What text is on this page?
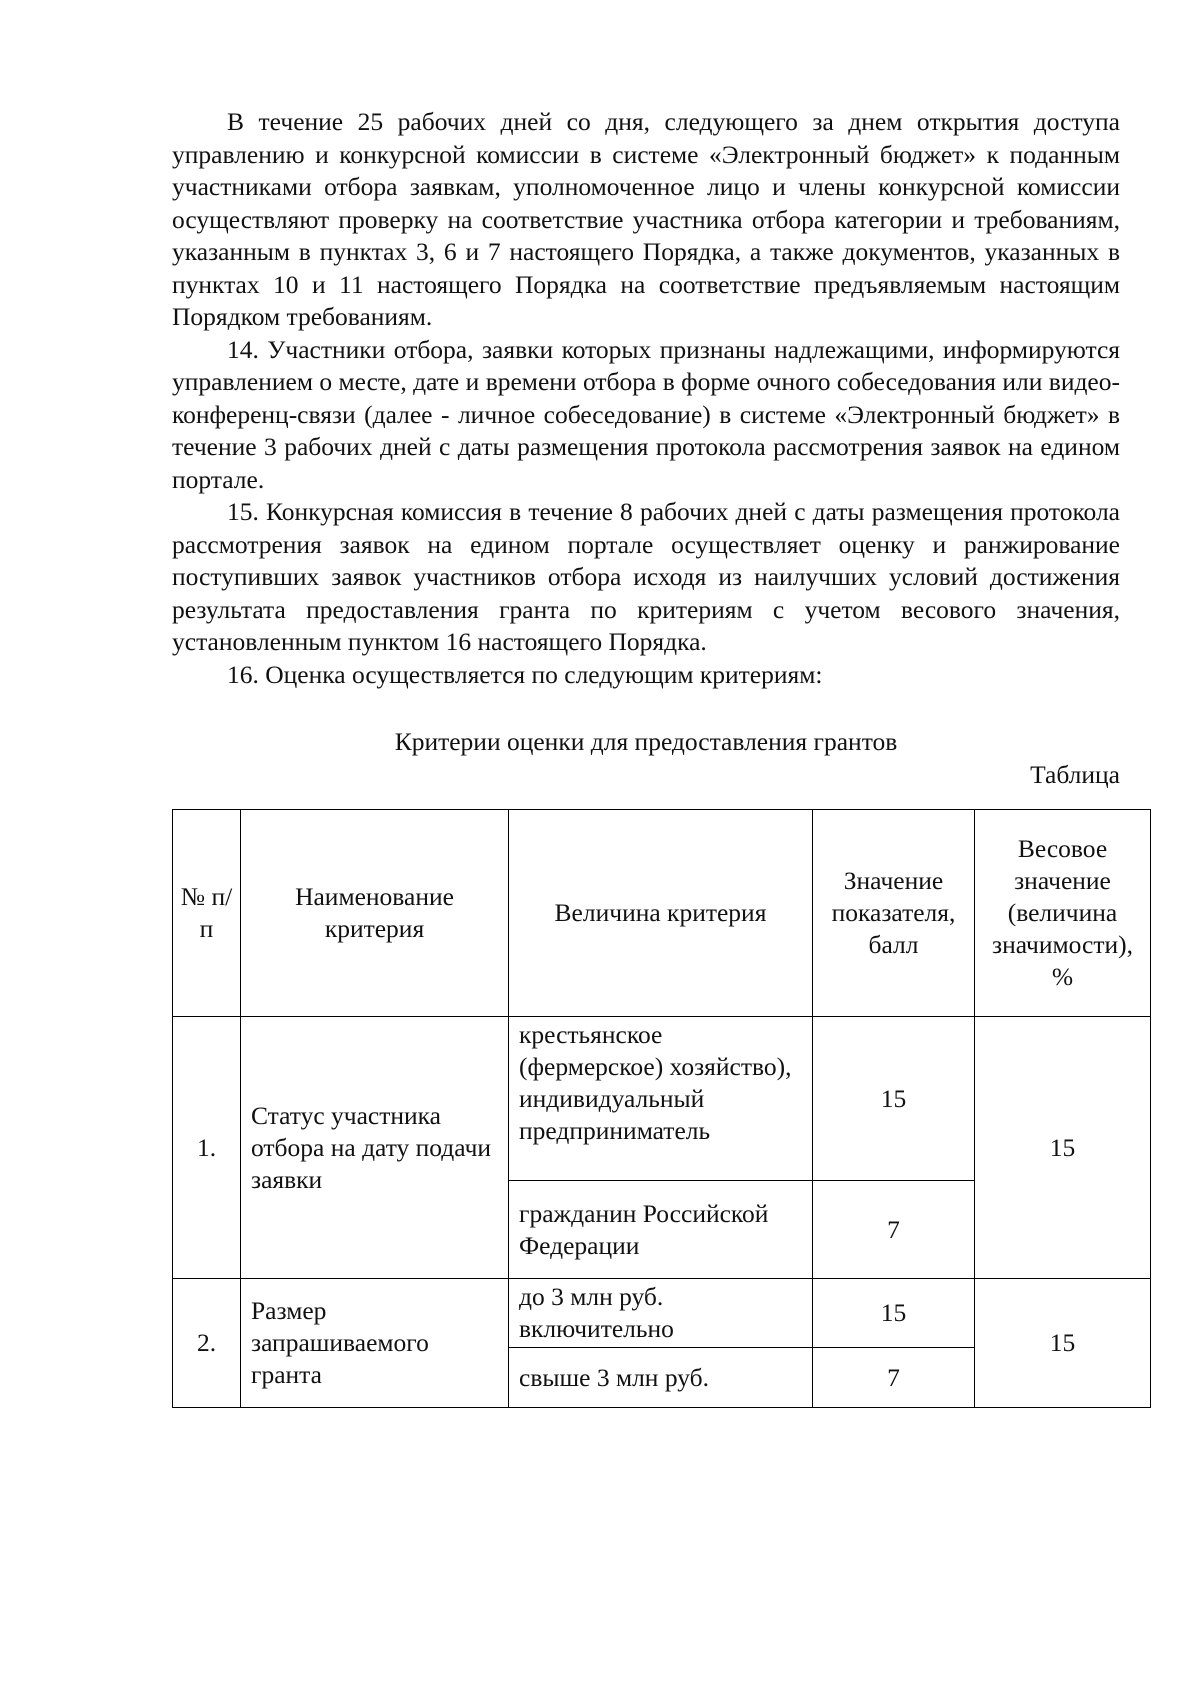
В течение 25 рабочих дней со дня, следующего за днем открытия доступа управлению и конкурсной комиссии в системе «Электронный бюджет» к поданным участниками отбора заявкам, уполномоченное лицо и члены конкурсной комиссии осуществляют проверку на соответствие участника отбора категории и требованиям, указанным в пунктах 3, 6 и 7 настоящего Порядка, а также документов, указанных в пунктах 10 и 11 настоящего Порядка на соответствие предъявляемым настоящим Порядком требованиям.

14. Участники отбора, заявки которых признаны надлежащими, информируются управлением о месте, дате и времени отбора в форме очного собеседования или видео-конференц-связи (далее - личное собеседование) в системе «Электронный бюджет» в течение 3 рабочих дней с даты размещения протокола рассмотрения заявок на едином портале.

15. Конкурсная комиссия в течение 8 рабочих дней с даты размещения протокола рассмотрения заявок на едином портале осуществляет оценку и ранжирование поступивших заявок участников отбора исходя из наилучших условий достижения результата предоставления гранта по критериям с учетом весового значения, установленным пунктом 16 настоящего Порядка.

16. Оценка осуществляется по следующим критериям:

Критерии оценки для предоставления грантов
Таблица
№ п/п	Наименование критерия	Величина критерия	Значение показателя, балл	Весовое значение (величина значимости), %
1.	Статус участника отбора на дату подачи заявки	крестьянское (фермерское) хозяйство), индивидуальный предприниматель	15	15
		гражданин Российской Федерации	7	
2.	Размер запрашиваемого гранта	до 3 млн руб. включительно	15	15
		свыше 3 млн руб.	7	
